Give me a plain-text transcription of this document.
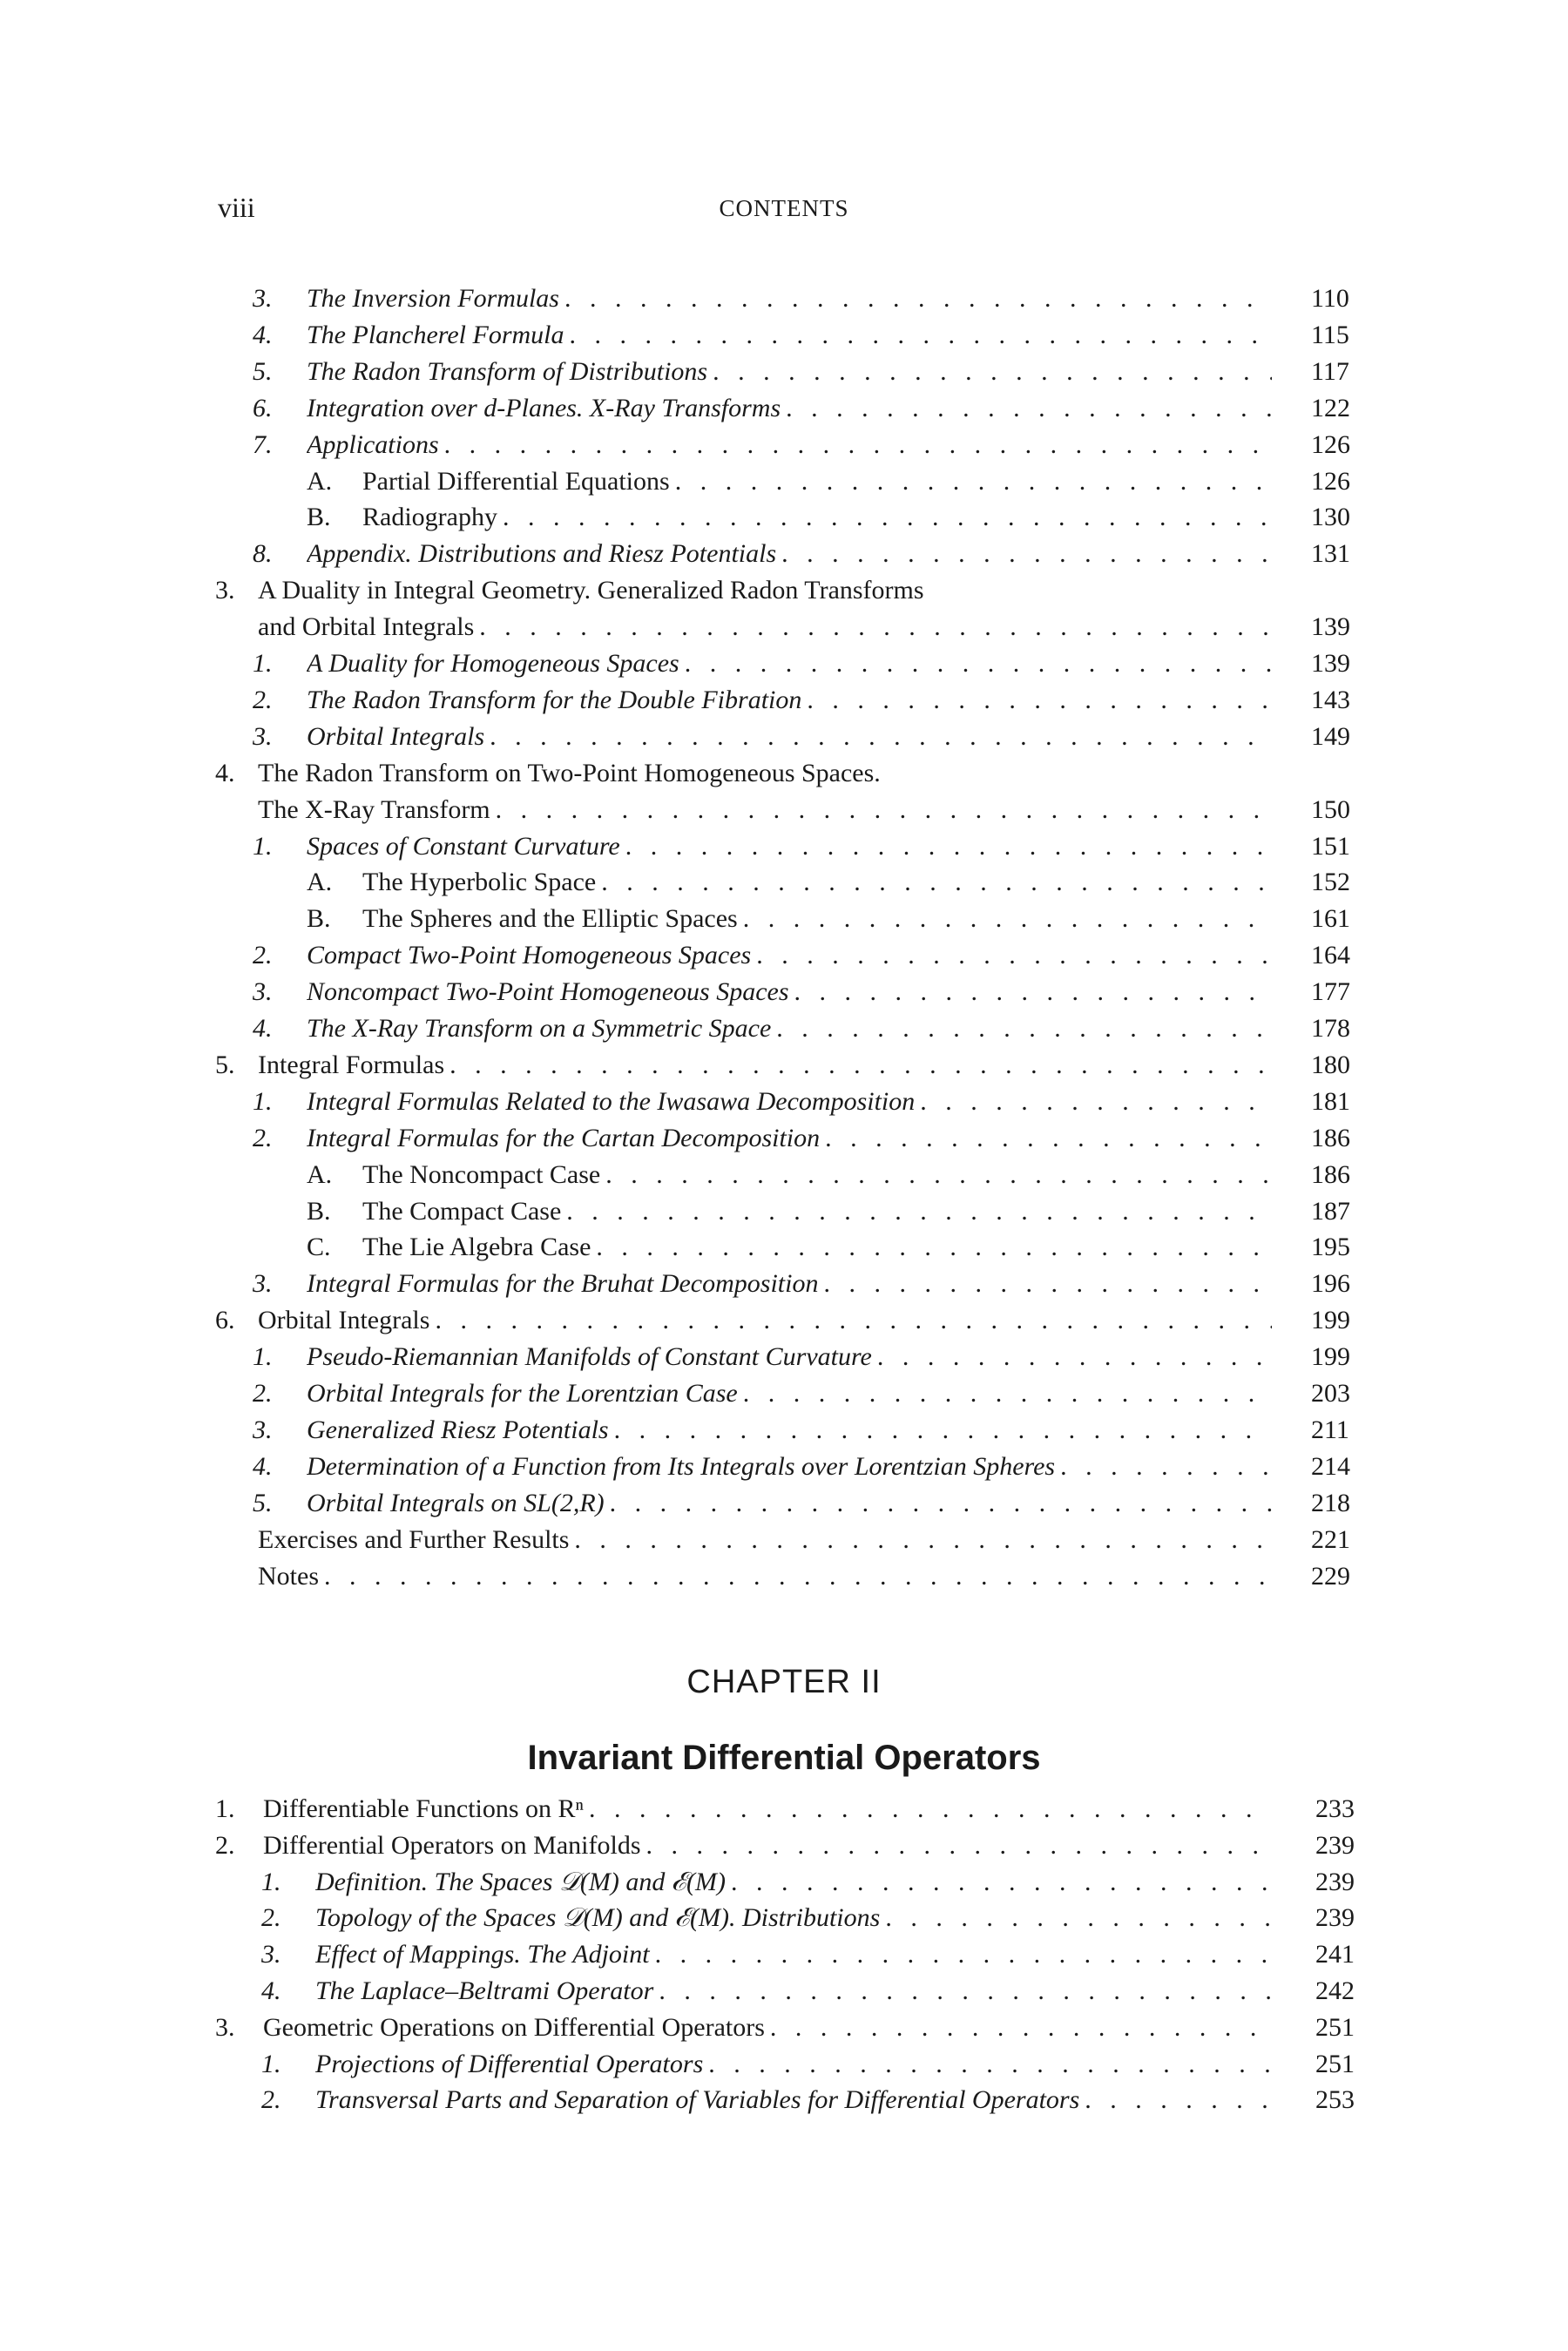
viii	CONTENTS
3. The Inversion Formulas . . .	110
4. The Plancherel Formula . . .	115
5. The Radon Transform of Distributions . . .	117
6. Integration over d-Planes. X-Ray Transforms . . .	122
7. Applications . . .	126
A. Partial Differential Equations . . .	126
B. Radiography . . .	130
8. Appendix. Distributions and Riesz Potentials . . .	131
3. A Duality in Integral Geometry. Generalized Radon Transforms
and Orbital Integrals . . .	139
1. A Duality for Homogeneous Spaces . . .	139
2. The Radon Transform for the Double Fibration . . .	143
3. Orbital Integrals . . .	149
4. The Radon Transform on Two-Point Homogeneous Spaces.
The X-Ray Transform . . .	150
1. Spaces of Constant Curvature . . .	151
A. The Hyperbolic Space . . .	152
B. The Spheres and the Elliptic Spaces . . .	161
2. Compact Two-Point Homogeneous Spaces . . .	164
3. Noncompact Two-Point Homogeneous Spaces . . .	177
4. The X-Ray Transform on a Symmetric Space . . .	178
5. Integral Formulas . . .	180
1. Integral Formulas Related to the Iwasawa Decomposition . . .	181
2. Integral Formulas for the Cartan Decomposition . . .	186
A. The Noncompact Case . . .	186
B. The Compact Case . . .	187
C. The Lie Algebra Case . . .	195
3. Integral Formulas for the Bruhat Decomposition . . .	196
6. Orbital Integrals . . .	199
1. Pseudo-Riemannian Manifolds of Constant Curvature . . .	199
2. Orbital Integrals for the Lorentzian Case . . .	203
3. Generalized Riesz Potentials . . .	211
4. Determination of a Function from Its Integrals over Lorentzian Spheres . . .	214
5. Orbital Integrals on SL(2,R) . . .	218
Exercises and Further Results . . .	221
Notes . . .	229
CHAPTER II
Invariant Differential Operators
1. Differentiable Functions on Rⁿ . . .	233
2. Differential Operators on Manifolds . . .	239
1. Definition. The Spaces 𝒟(M) and ℰ(M) . . .	239
2. Topology of the Spaces 𝒟(M) and ℰ(M). Distributions . . .	239
3. Effect of Mappings. The Adjoint . . .	241
4. The Laplace–Beltrami Operator . . .	242
3. Geometric Operations on Differential Operators . . .	251
1. Projections of Differential Operators . . .	251
2. Transversal Parts and Separation of Variables for Differential Operators . . .	253
